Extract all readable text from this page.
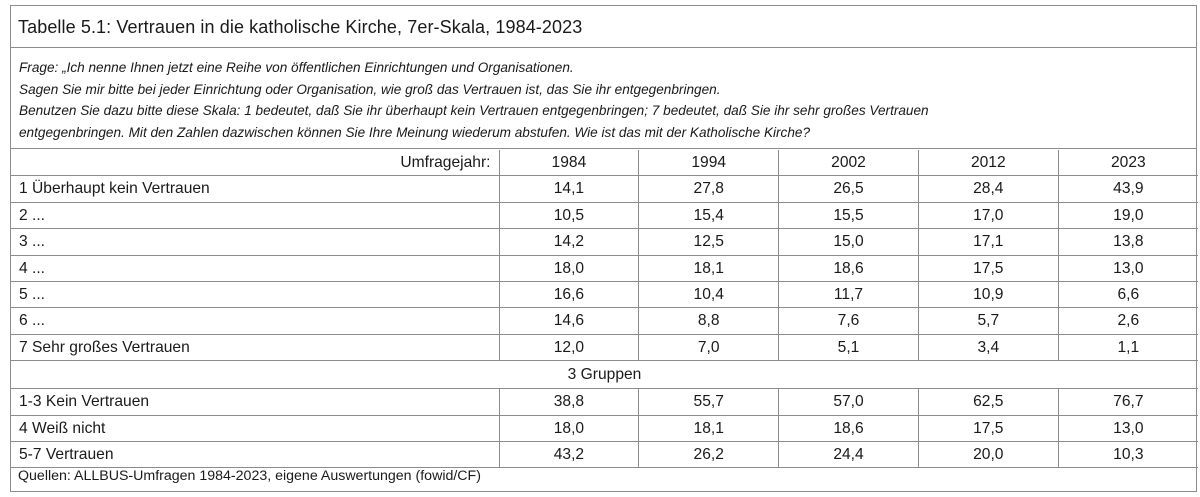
Tabelle 5.1: Vertrauen in die katholische Kirche, 7er-Skala, 1984-2023
Frage: „Ich nenne Ihnen jetzt eine Reihe von öffentlichen Einrichtungen und Organisationen.
Sagen Sie mir bitte bei jeder Einrichtung oder Organisation, wie groß das Vertrauen ist, das Sie ihr entgegenbringen.
Benutzen Sie dazu bitte diese Skala: 1 bedeutet, daß Sie ihr überhaupt kein Vertrauen entgegenbringen; 7 bedeutet, daß Sie ihr sehr großes Vertrauen
entgegenbringen. Mit den Zahlen dazwischen können Sie Ihre Meinung wiederum abstufen. Wie ist das mit der Katholische Kirche?
Umfragejahr:	1984	1994	2002	2012	2023
1 Überhaupt kein Vertrauen	14,1	27,8	26,5	28,4	43,9
2 ...	10,5	15,4	15,5	17,0	19,0
3 ...	14,2	12,5	15,0	17,1	13,8
4 ...	18,0	18,1	18,6	17,5	13,0
5 ...	16,6	10,4	11,7	10,9	6,6
6 ...	14,6	8,8	7,6	5,7	2,6
7 Sehr großes Vertrauen	12,0	7,0	5,1	3,4	1,1
3 Gruppen					
1-3 Kein Vertrauen	38,8	55,7	57,0	62,5	76,7
4 Weiß nicht	18,0	18,1	18,6	17,5	13,0
5-7 Vertrauen	43,2	26,2	24,4	20,0	10,3
Quellen: ALLBUS-Umfragen 1984-2023, eigene Auswertungen (fowid/CF)
